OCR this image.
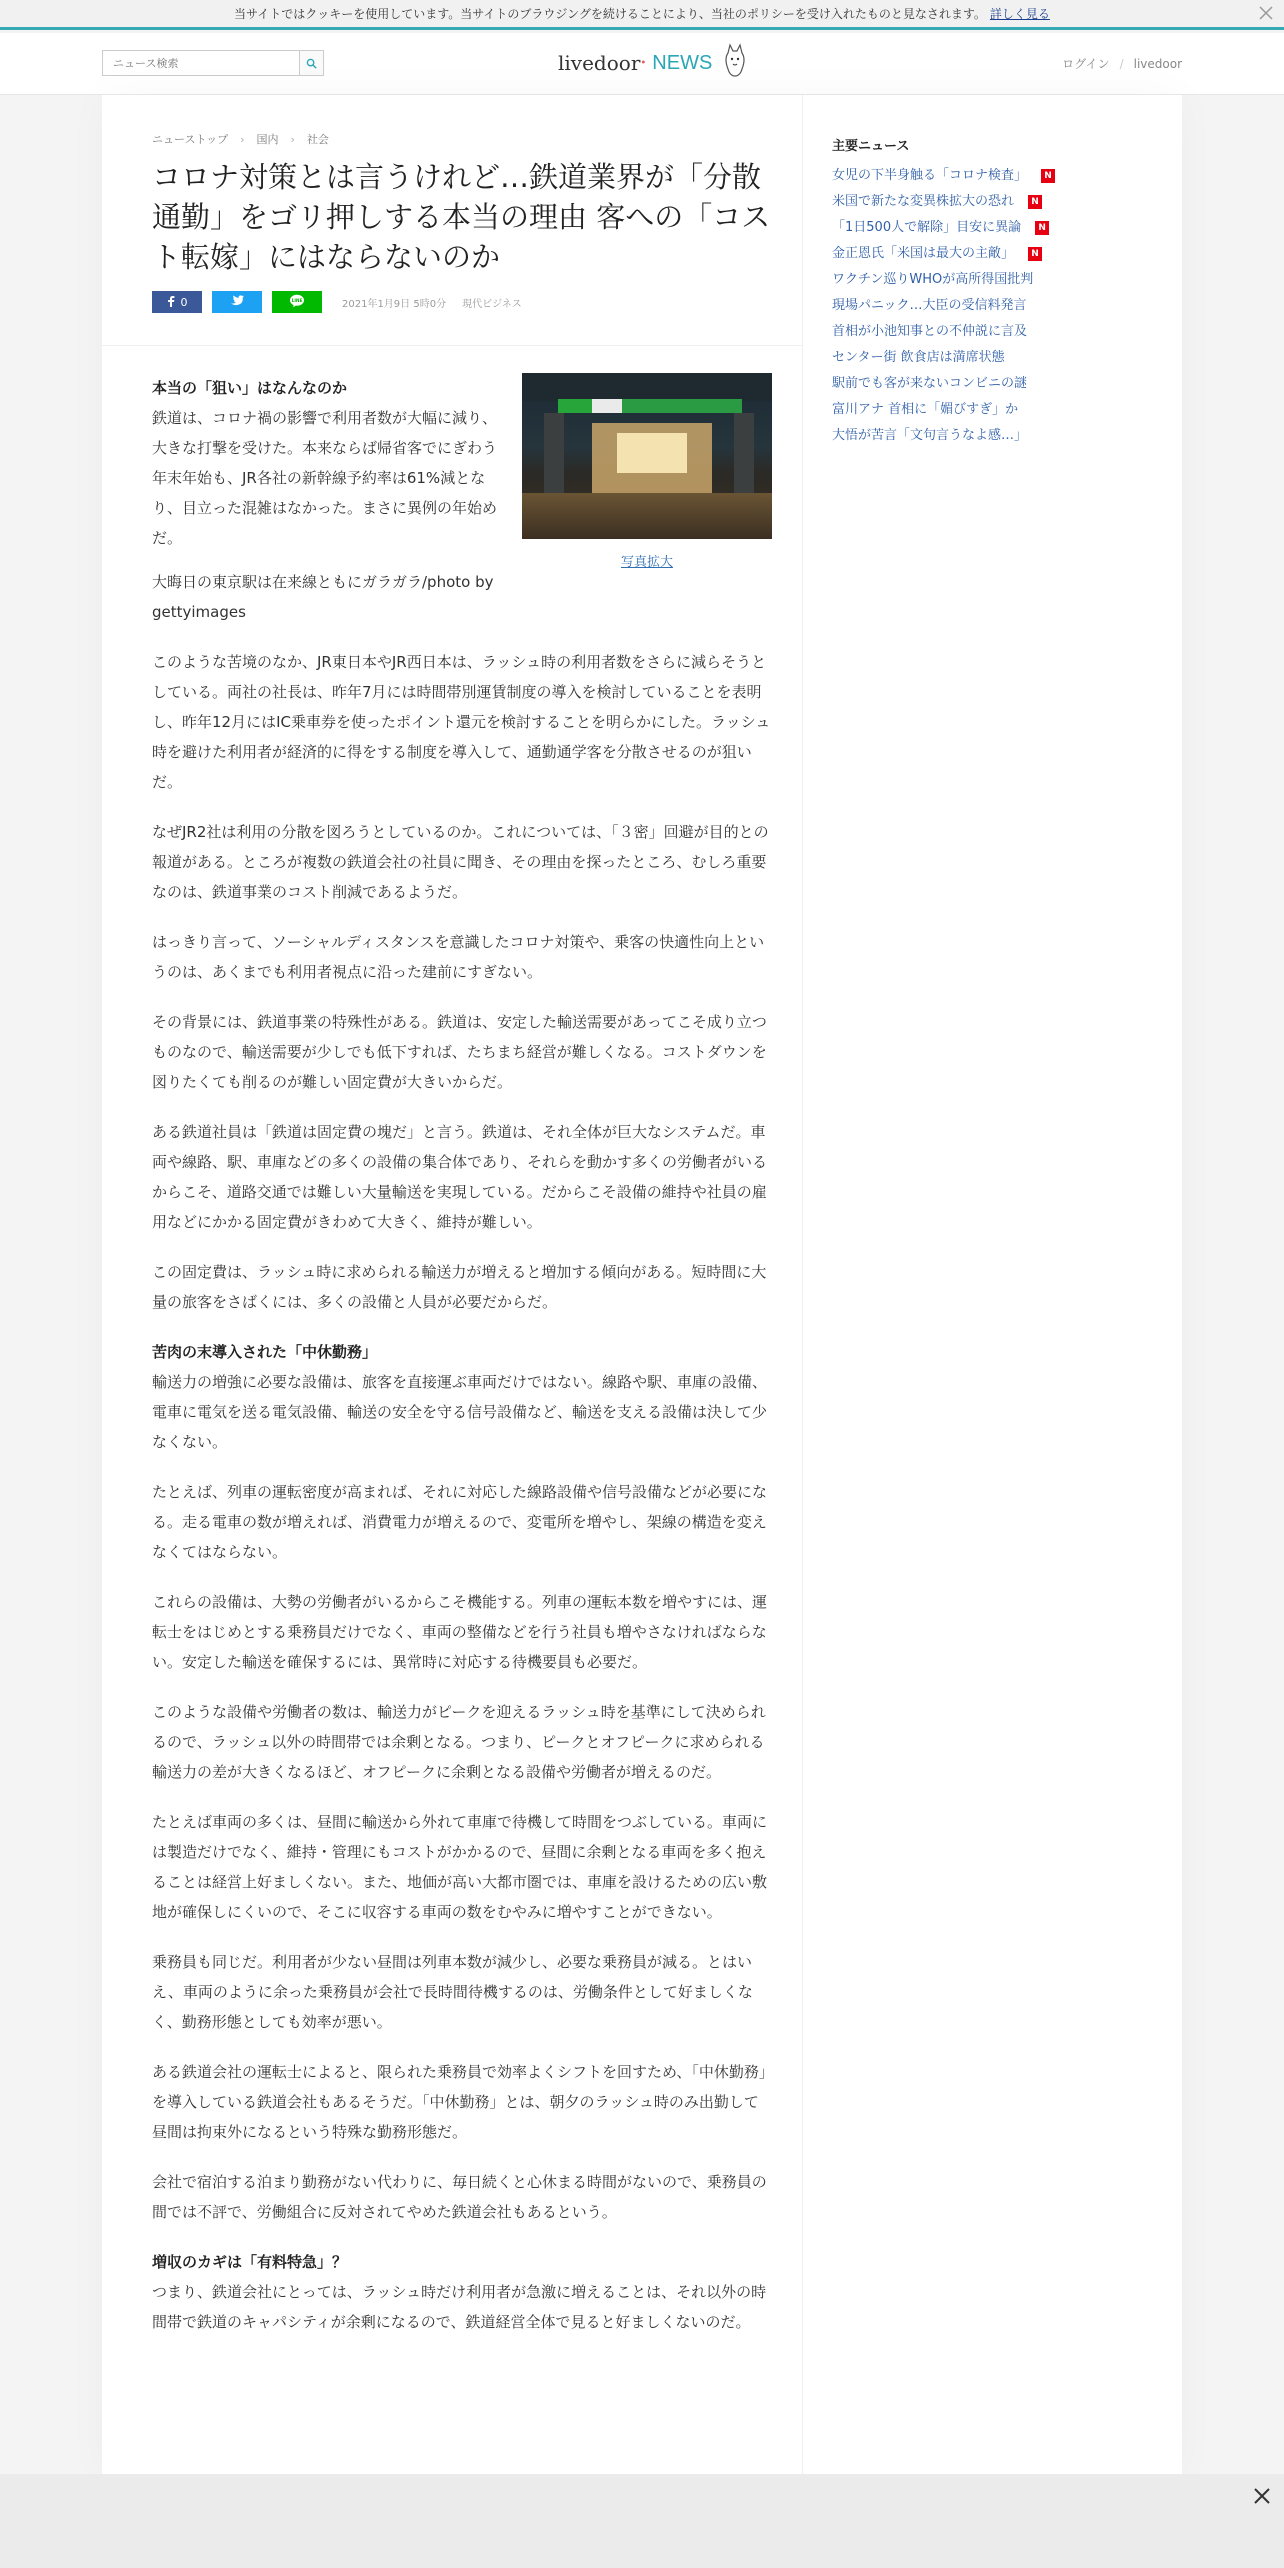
当サイトではクッキーを使用しています。当サイトのブラウジングを続けることにより、当社のポリシーを受け入れたものと見なされます。 詳しく見る
ニュース検索
livedoor • NEWS	ログイン / livedoor
ニューストップ › 国内 › 社会
コロナ対策とは言うけれど…鉄道業界が「分散通勤」をゴリ押しする本当の理由 客への「コスト転嫁」にはならないのか
0	LINE	2021年1月9日 5時0分 現代ビジネス
写真拡大
本当の「狙い」はなんなのか

鉄道は、コロナ禍の影響で利用者数が大幅に減り、大きな打撃を受けた。本来ならば帰省客でにぎわう年末年始も、JR各社の新幹線予約率は61%減となり、目立った混雑はなかった。まさに異例の年始めだ。

大晦日の東京駅は在来線ともにガラガラ/photo by gettyimages

このような苦境のなか、JR東日本やJR西日本は、ラッシュ時の利用者数をさらに減らそうとしている。両社の社長は、昨年7月には時間帯別運賃制度の導入を検討していることを表明し、昨年12月にはIC乗車券を使ったポイント還元を検討することを明らかにした。ラッシュ時を避けた利用者が経済的に得をする制度を導入して、通勤通学客を分散させるのが狙いだ。

なぜJR2社は利用の分散を図ろうとしているのか。これについては、「３密」回避が目的との報道がある。ところが複数の鉄道会社の社員に聞き、その理由を探ったところ、むしろ重要なのは、鉄道事業のコスト削減であるようだ。

はっきり言って、ソーシャルディスタンスを意識したコロナ対策や、乗客の快適性向上というのは、あくまでも利用者視点に沿った建前にすぎない。

その背景には、鉄道事業の特殊性がある。鉄道は、安定した輸送需要があってこそ成り立つものなので、輸送需要が少しでも低下すれば、たちまち経営が難しくなる。コストダウンを図りたくても削るのが難しい固定費が大きいからだ。

ある鉄道社員は「鉄道は固定費の塊だ」と言う。鉄道は、それ全体が巨大なシステムだ。車両や線路、駅、車庫などの多くの設備の集合体であり、それらを動かす多くの労働者がいるからこそ、道路交通では難しい大量輸送を実現している。だからこそ設備の維持や社員の雇用などにかかる固定費がきわめて大きく、維持が難しい。

この固定費は、ラッシュ時に求められる輸送力が増えると増加する傾向がある。短時間に大量の旅客をさばくには、多くの設備と人員が必要だからだ。

苦肉の末導入された「中休勤務」

輸送力の増強に必要な設備は、旅客を直接運ぶ車両だけではない。線路や駅、車庫の設備、電車に電気を送る電気設備、輸送の安全を守る信号設備など、輸送を支える設備は決して少なくない。

たとえば、列車の運転密度が高まれば、それに対応した線路設備や信号設備などが必要になる。走る電車の数が増えれば、消費電力が増えるので、変電所を増やし、架線の構造を変えなくてはならない。

これらの設備は、大勢の労働者がいるからこそ機能する。列車の運転本数を増やすには、運転士をはじめとする乗務員だけでなく、車両の整備などを行う社員も増やさなければならない。安定した輸送を確保するには、異常時に対応する待機要員も必要だ。

このような設備や労働者の数は、輸送力がピークを迎えるラッシュ時を基準にして決められるので、ラッシュ以外の時間帯では余剰となる。つまり、ピークとオフピークに求められる輸送力の差が大きくなるほど、オフピークに余剰となる設備や労働者が増えるのだ。

たとえば車両の多くは、昼間に輸送から外れて車庫で待機して時間をつぶしている。車両には製造だけでなく、維持・管理にもコストがかかるので、昼間に余剰となる車両を多く抱えることは経営上好ましくない。また、地価が高い大都市圏では、車庫を設けるための広い敷地が確保しにくいので、そこに収容する車両の数をむやみに増やすことができない。

乗務員も同じだ。利用者が少ない昼間は列車本数が減少し、必要な乗務員が減る。とはいえ、車両のように余った乗務員が会社で長時間待機するのは、労働条件として好ましくなく、勤務形態としても効率が悪い。

ある鉄道会社の運転士によると、限られた乗務員で効率よくシフトを回すため、「中休勤務」を導入している鉄道会社もあるそうだ。「中休勤務」とは、朝夕のラッシュ時のみ出勤して昼間は拘束外になるという特殊な勤務形態だ。

会社で宿泊する泊まり勤務がない代わりに、毎日続くと心休まる時間がないので、乗務員の間では不評で、労働組合に反対されてやめた鉄道会社もあるという。

増収のカギは「有料特急」？

つまり、鉄道会社にとっては、ラッシュ時だけ利用者が急激に増えることは、それ以外の時間帯で鉄道のキャパシティが余剰になるので、鉄道経営全体で見ると好ましくないのだ。

主要ニュース
女児の下半身触る「コロナ検査」	N
米国で新たな変異株拡大の恐れ	N
「1日500人で解除」目安に異論	N
金正恩氏「米国は最大の主敵」	N
ワクチン巡りWHOが高所得国批判
現場パニック…大臣の受信料発言
首相が小池知事との不仲説に言及
センター街 飲食店は満席状態
駅前でも客が来ないコンビニの謎
富川アナ 首相に「媚びすぎ」か
大悟が苦言「文句言うなよ感…」
